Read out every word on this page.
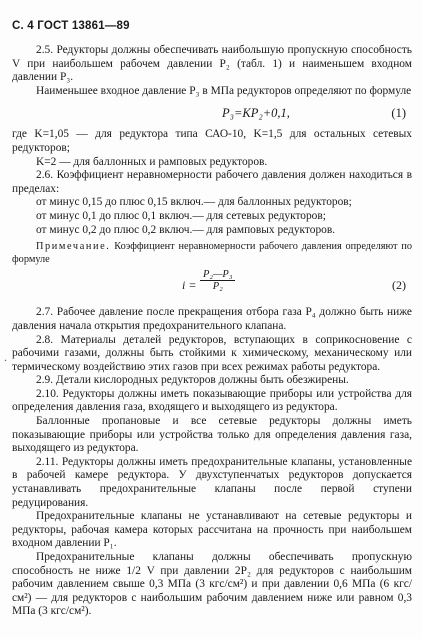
С. 4 ГОСТ 13861—89
.

2.5. Редукторы должны обеспечивать наибольшую пропускную способность V при наибольшем рабочем давлении P₂ (табл. 1) и наименьшем входном давлении P₃.

Наименьшее входное давление P₃ в МПа редукторов определяют по формуле

P₃=KP₂+0,1,	(1)

где K=1,05 — для редуктора типа САО-10, K=1,5 для остальных сетевых редукторов;

K=2 — для баллонных и рамповых редукторов.

2.6. Коэффициент неравномерности рабочего давления должен находиться в пределах:

от минус 0,15 до плюс 0,15 включ.— для баллонных редукторов;

от минус 0,1 до плюс 0,1 включ.— для сетевых редукторов;

от минус 0,2 до плюс 0,2 включ.— для рамповых редукторов.

Примечание. Коэффициент неравномерности рабочего давления определяют по формуле

$i = \frac{\text{P₂—P₃}}{\text{P₂}}$	(2)

2.7. Рабочее давление после прекращения отбора газа P₄ должно быть ниже давления начала открытия предохранительного клапана.

2.8. Материалы деталей редукторов, вступающих в соприкосновение с рабочими газами, должны быть стойкими к химическому, механическому или термическому воздействию этих газов при всех режимах работы редуктора.

2.9. Детали кислородных редукторов должны быть обезжирены.

2.10. Редукторы должны иметь показывающие приборы или устройства для определения давления газа, входящего и выходящего из редуктора.

Баллонные пропановые и все сетевые редукторы должны иметь показывающие приборы или устройства только для определения давления газа, выходящего из редуктора.

2.11. Редукторы должны иметь предохранительные клапаны, установленные в рабочей камере редуктора. У двухступенчатых редукторов допускается устанавливать предохранительные клапаны после первой ступени редуцирования.

Предохранительные клапаны не устанавливают на сетевые редукторы и редукторы, рабочая камера которых рассчитана на прочность при наибольшем входном давлении P₁.

Предохранительные клапаны должны обеспечивать пропускную способность не ниже 1/2 V при давлении 2P₂ для редукторов с наибольшим рабочим давлением свыше 0,3 МПа (3 кгс/см²) и при давлении 0,6 МПа (6 кгс/см²) — для редукторов с наибольшим рабочим давлением ниже или равном 0,3 МПа (3 кгс/см²).
